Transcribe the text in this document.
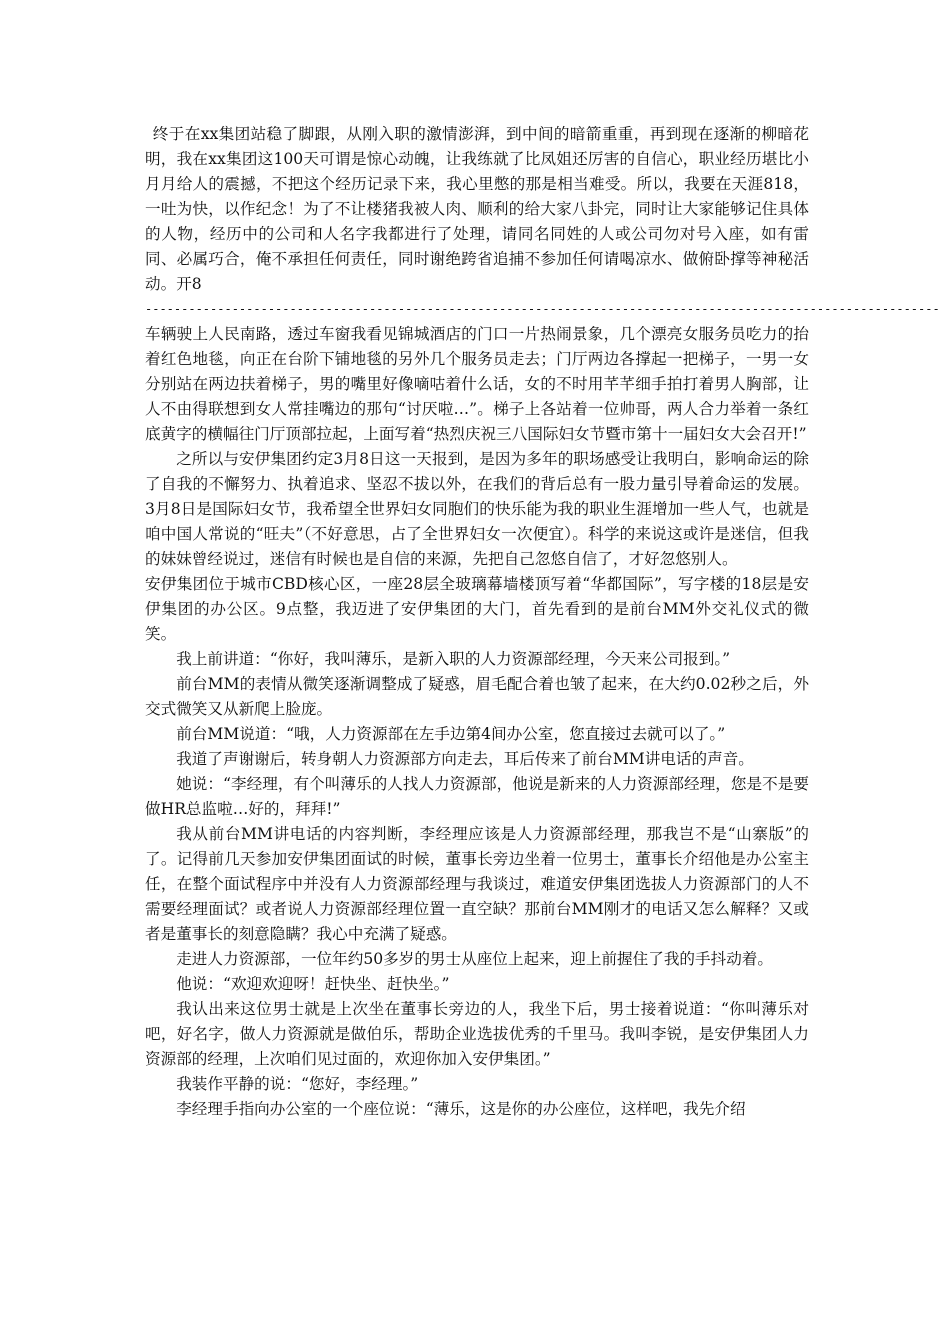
终于在xx集团站稳了脚跟，从刚入职的激情澎湃，到中间的暗箭重重，再到现在逐渐的柳暗花明，我在xx集团这100天可谓是惊心动魄，让我练就了比凤姐还厉害的自信心，职业经历堪比小月月给人的震撼，不把这个经历记录下来，我心里憋的那是相当难受。所以，我要在天涯818，一吐为快，以作纪念！为了不让楼猪我被人肉、顺利的给大家八卦完，同时让大家能够记住具体的人物，经历中的公司和人名字我都进行了处理，请同名同姓的人或公司勿对号入座，如有雷同、必属巧合，俺不承担任何责任，同时谢绝跨省追捕不参加任何请喝凉水、做俯卧撑等神秘活动。开8

--------------------------------------------------------------------------------------------------------------

车辆驶上人民南路，透过车窗我看见锦城酒店的门口一片热闹景象，几个漂亮女服务员吃力的抬着红色地毯，向正在台阶下铺地毯的另外几个服务员走去；门厅两边各撑起一把梯子，一男一女分别站在两边扶着梯子，男的嘴里好像嘀咕着什么话，女的不时用芊芊细手拍打着男人胸部，让人不由得联想到女人常挂嘴边的那句“讨厌啦…”。梯子上各站着一位帅哥，两人合力举着一条红底黄字的横幅往门厅顶部拉起，上面写着“热烈庆祝三八国际妇女节暨市第十一届妇女大会召开!”

之所以与安伊集团约定3月8日这一天报到，是因为多年的职场感受让我明白，影响命运的除了自我的不懈努力、执着追求、坚忍不拔以外，在我们的背后总有一股力量引导着命运的发展。3月8日是国际妇女节，我希望全世界妇女同胞们的快乐能为我的职业生涯增加一些人气，也就是咱中国人常说的“旺夫”（不好意思，占了全世界妇女一次便宜）。科学的来说这或许是迷信，但我的妹妹曾经说过，迷信有时候也是自信的来源，先把自己忽悠自信了，才好忽悠别人。

安伊集团位于城市CBD核心区，一座28层全玻璃幕墙楼顶写着“华都国际”，写字楼的18层是安伊集团的办公区。9点整，我迈进了安伊集团的大门，首先看到的是前台MM外交礼仪式的微笑。

我上前讲道：“你好，我叫薄乐，是新入职的人力资源部经理，今天来公司报到。”

前台MM的表情从微笑逐渐调整成了疑惑，眉毛配合着也皱了起来，在大约0.02秒之后，外交式微笑又从新爬上脸庞。

前台MM说道：“哦，人力资源部在左手边第4间办公室，您直接过去就可以了。”

我道了声谢谢后，转身朝人力资源部方向走去，耳后传来了前台MM讲电话的声音。

她说：“李经理，有个叫薄乐的人找人力资源部，他说是新来的人力资源部经理，您是不是要做HR总监啦…好的，拜拜!”

我从前台MM讲电话的内容判断，李经理应该是人力资源部经理，那我岂不是“山寨版”的了。记得前几天参加安伊集团面试的时候，董事长旁边坐着一位男士，董事长介绍他是办公室主任，在整个面试程序中并没有人力资源部经理与我谈过，难道安伊集团选拔人力资源部门的人不需要经理面试？或者说人力资源部经理位置一直空缺？那前台MM刚才的电话又怎么解释？又或者是董事长的刻意隐瞒？我心中充满了疑惑。

走进人力资源部，一位年约50多岁的男士从座位上起来，迎上前握住了我的手抖动着。

他说：“欢迎欢迎呀！赶快坐、赶快坐。”

我认出来这位男士就是上次坐在董事长旁边的人，我坐下后，男士接着说道：“你叫薄乐对吧，好名字，做人力资源就是做伯乐，帮助企业选拔优秀的千里马。我叫李锐，是安伊集团人力资源部的经理，上次咱们见过面的，欢迎你加入安伊集团。”

我装作平静的说：“您好，李经理。”

李经理手指向办公室的一个座位说：“薄乐，这是你的办公座位，这样吧，我先介绍
